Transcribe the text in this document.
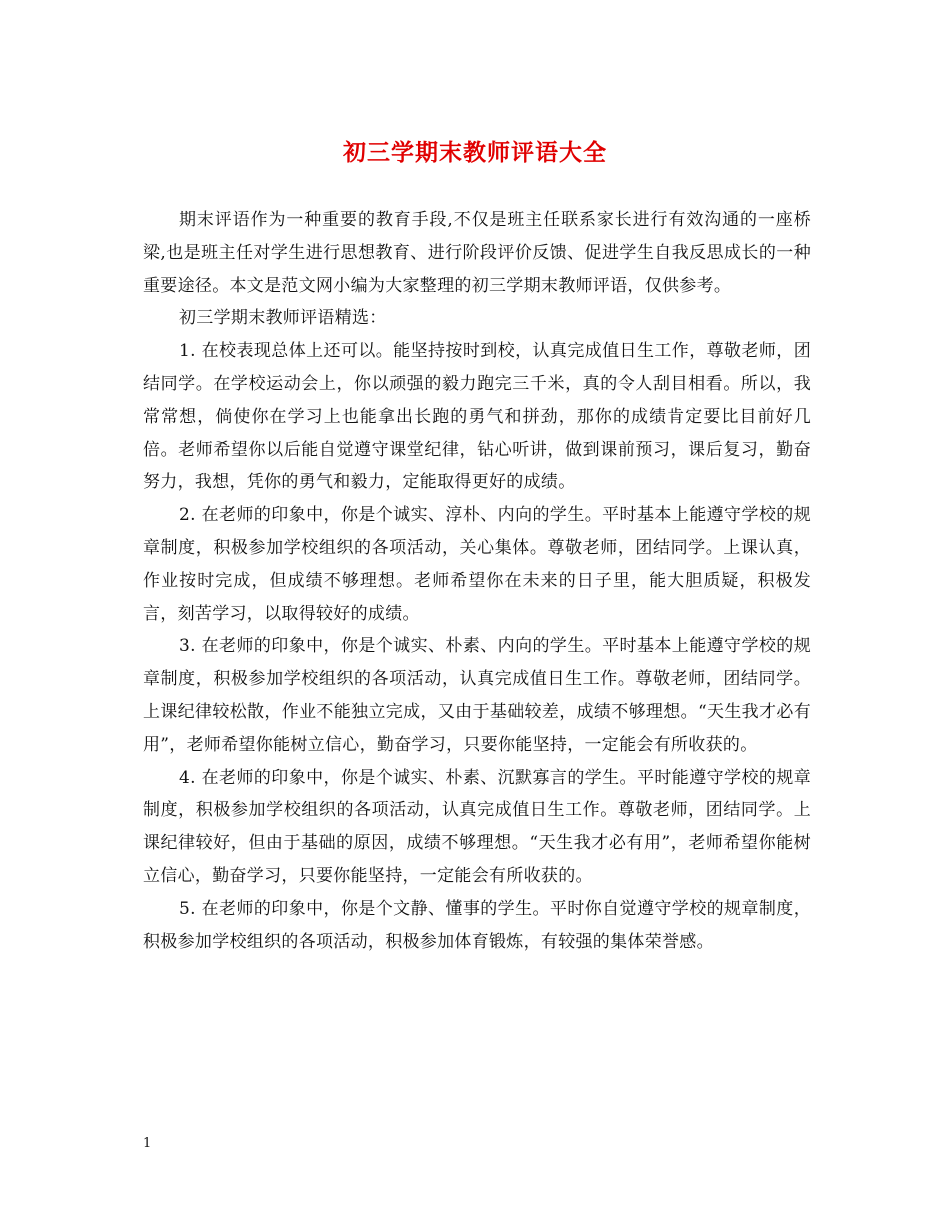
初三学期末教师评语大全

期末评语作为一种重要的教育手段,不仅是班主任联系家长进行有效沟通的一座桥梁,也是班主任对学生进行思想教育、进行阶段评价反馈、促进学生自我反思成长的一种重要途径。本文是范文网小编为大家整理的初三学期末教师评语，仅供参考。

初三学期末教师评语精选：

1. 在校表现总体上还可以。能坚持按时到校，认真完成值日生工作，尊敬老师，团结同学。在学校运动会上，你以顽强的毅力跑完三千米，真的令人刮目相看。所以，我常常想，倘使你在学习上也能拿出长跑的勇气和拼劲，那你的成绩肯定要比目前好几倍。老师希望你以后能自觉遵守课堂纪律，钻心听讲，做到课前预习，课后复习，勤奋努力，我想，凭你的勇气和毅力，定能取得更好的成绩。

2. 在老师的印象中，你是个诚实、淳朴、内向的学生。平时基本上能遵守学校的规章制度，积极参加学校组织的各项活动，关心集体。尊敬老师，团结同学。上课认真，作业按时完成，但成绩不够理想。老师希望你在未来的日子里，能大胆质疑，积极发言，刻苦学习，以取得较好的成绩。

3. 在老师的印象中，你是个诚实、朴素、内向的学生。平时基本上能遵守学校的规章制度，积极参加学校组织的各项活动，认真完成值日生工作。尊敬老师，团结同学。上课纪律较松散，作业不能独立完成，又由于基础较差，成绩不够理想。“天生我才必有用”，老师希望你能树立信心，勤奋学习，只要你能坚持，一定能会有所收获的。

4. 在老师的印象中，你是个诚实、朴素、沉默寡言的学生。平时能遵守学校的规章制度，积极参加学校组织的各项活动，认真完成值日生工作。尊敬老师，团结同学。上课纪律较好，但由于基础的原因，成绩不够理想。“天生我才必有用”，老师希望你能树立信心，勤奋学习，只要你能坚持，一定能会有所收获的。

5. 在老师的印象中，你是个文静、懂事的学生。平时你自觉遵守学校的规章制度，积极参加学校组织的各项活动，积极参加体育锻炼，有较强的集体荣誉感。

1
